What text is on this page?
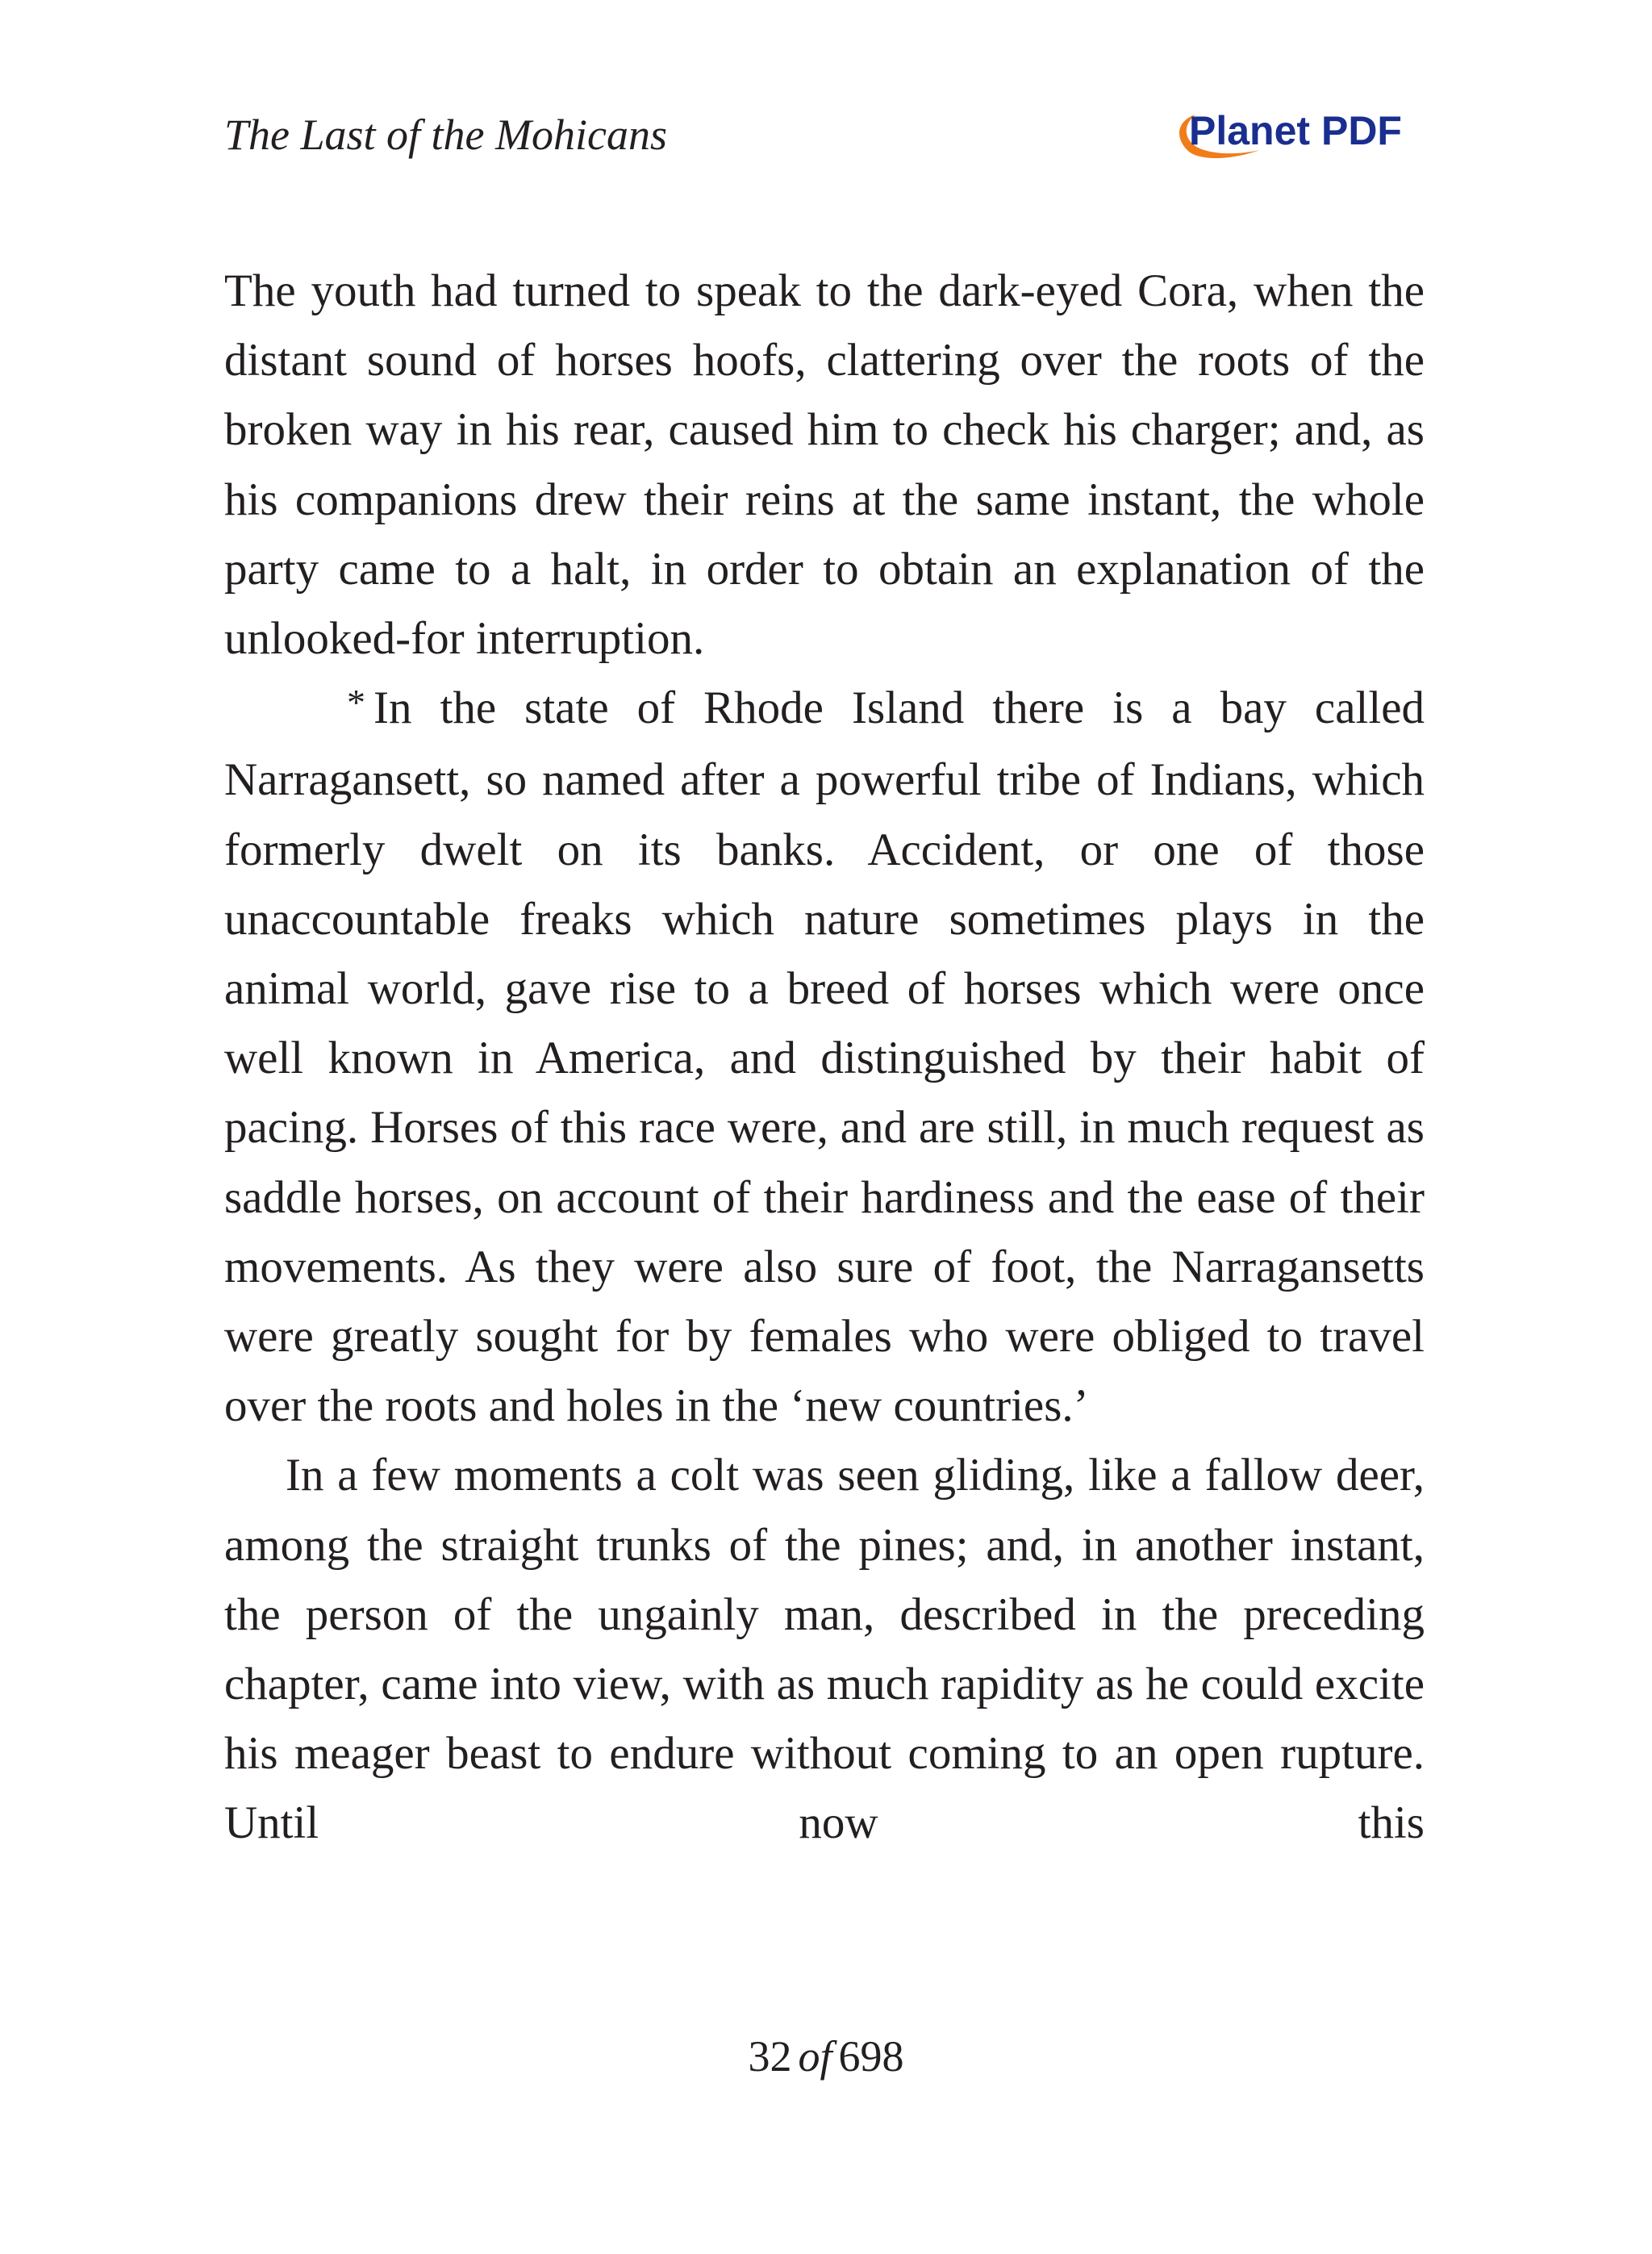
The Last of the Mohicans	Planet PDF

The youth had turned to speak to the dark-eyed Cora, when the distant sound of horses hoofs, clattering over the roots of the broken way in his rear, caused him to check his charger; and, as his companions drew their reins at the same instant, the whole party came to a halt, in order to obtain an explanation of the unlooked-for interruption.

* In the state of Rhode Island there is a bay called Narragansett, so named after a powerful tribe of Indians, which formerly dwelt on its banks. Accident, or one of those unaccountable freaks which nature sometimes plays in the animal world, gave rise to a breed of horses which were once well known in America, and distinguished by their habit of pacing. Horses of this race were, and are still, in much request as saddle horses, on account of their hardiness and the ease of their movements. As they were also sure of foot, the Narragansetts were greatly sought for by females who were obliged to travel over the roots and holes in the ‘new countries.’

In a few moments a colt was seen gliding, like a fallow deer, among the straight trunks of the pines; and, in another instant, the person of the ungainly man, described in the preceding chapter, came into view, with as much rapidity as he could excite his meager beast to endure without coming to an open rupture. Until now this

32 of 698
